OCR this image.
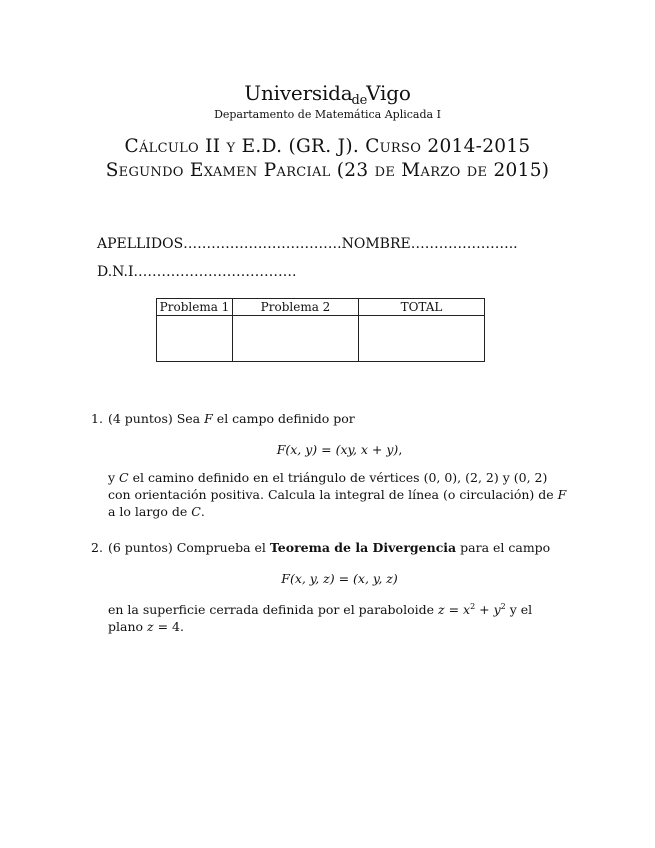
Universida$_{de}$Vigo
Departamento de Matemática Aplicada I
Cálculo II y E.D. (GR. J). Curso 2014-2015
Segundo Examen Parcial (23 de Marzo de 2015)
APELLIDOS…………………………….NOMBRE…………………..
D.N.I.…………………………….
Problema 1	Problema 2	TOTAL

1. (4 puntos) Sea F el campo definido por
F(x, y) = (xy, x + y),
y C el camino definido en el triángulo de vértices (0, 0), (2, 2) y (0, 2) con orientación positiva. Calcula la integral de línea (o circulación) de F a lo largo de C.
2. (6 puntos) Comprueba el Teorema de la Divergencia para el campo
F(x, y, z) = (x, y, z)
en la superficie cerrada definida por el paraboloide $z = x^2 + y^2$ y el plano z = 4.
